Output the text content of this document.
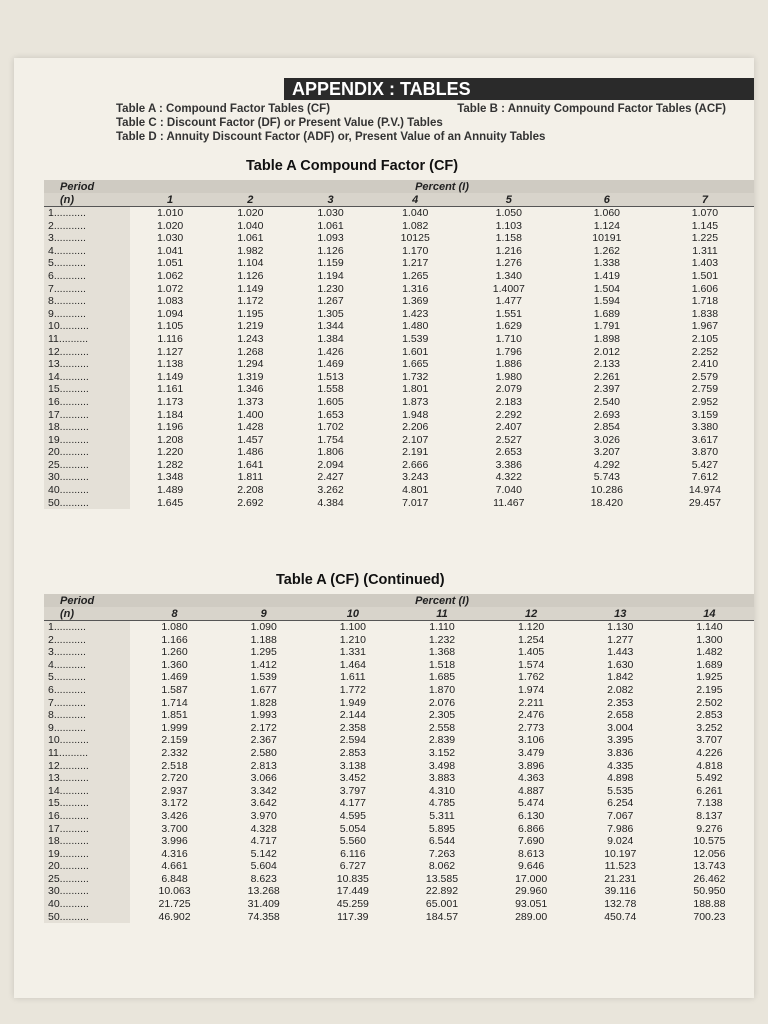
APPENDIX : TABLES
Table A : Compound Factor Tables (CF)	Table B : Annuity Compound Factor Tables (ACF)
Table C : Discount Factor (DF) or Present Value (P.V.) Tables
Table D : Annuity Discount Factor (ADF) or, Present Value of an Annuity Tables
Table A Compound Factor (CF)
Period	Percent (I)						
(n)	1	2	3	4	5	6	7
1...........	1.010	1.020	1.030	1.040	1.050	1.060	1.070
2...........	1.020	1.040	1.061	1.082	1.103	1.124	1.145
3...........	1.030	1.061	1.093	10125	1.158	10191	1.225
4...........	1.041	1.982	1.126	1.170	1.216	1.262	1.311
5...........	1.051	1.104	1.159	1.217	1.276	1.338	1.403
6...........	1.062	1.126	1.194	1.265	1.340	1.419	1.501
7...........	1.072	1.149	1.230	1.316	1.4007	1.504	1.606
8...........	1.083	1.172	1.267	1.369	1.477	1.594	1.718
9...........	1.094	1.195	1.305	1.423	1.551	1.689	1.838
10..........	1.105	1.219	1.344	1.480	1.629	1.791	1.967
11..........	1.116	1.243	1.384	1.539	1.710	1.898	2.105
12..........	1.127	1.268	1.426	1.601	1.796	2.012	2.252
13..........	1.138	1.294	1.469	1.665	1.886	2.133	2.410
14..........	1.149	1.319	1.513	1.732	1.980	2.261	2.579
15..........	1.161	1.346	1.558	1.801	2.079	2.397	2.759
16..........	1.173	1.373	1.605	1.873	2.183	2.540	2.952
17..........	1.184	1.400	1.653	1.948	2.292	2.693	3.159
18..........	1.196	1.428	1.702	2.206	2.407	2.854	3.380
19..........	1.208	1.457	1.754	2.107	2.527	3.026	3.617
20..........	1.220	1.486	1.806	2.191	2.653	3.207	3.870
25..........	1.282	1.641	2.094	2.666	3.386	4.292	5.427
30..........	1.348	1.811	2.427	3.243	4.322	5.743	7.612
40..........	1.489	2.208	3.262	4.801	7.040	10.286	14.974
50..........	1.645	2.692	4.384	7.017	11.467	18.420	29.457
Table A (CF) (Continued)
Period	Percent (I)						
(n)	8	9	10	11	12	13	14
1...........	1.080	1.090	1.100	1.110	1.120	1.130	1.140
2...........	1.166	1.188	1.210	1.232	1.254	1.277	1.300
3...........	1.260	1.295	1.331	1.368	1.405	1.443	1.482
4...........	1.360	1.412	1.464	1.518	1.574	1.630	1.689
5...........	1.469	1.539	1.611	1.685	1.762	1.842	1.925
6...........	1.587	1.677	1.772	1.870	1.974	2.082	2.195
7...........	1.714	1.828	1.949	2.076	2.211	2.353	2.502
8...........	1.851	1.993	2.144	2.305	2.476	2.658	2.853
9...........	1.999	2.172	2.358	2.558	2.773	3.004	3.252
10..........	2.159	2.367	2.594	2.839	3.106	3.395	3.707
11..........	2.332	2.580	2.853	3.152	3.479	3.836	4.226
12..........	2.518	2.813	3.138	3.498	3.896	4.335	4.818
13..........	2.720	3.066	3.452	3.883	4.363	4.898	5.492
14..........	2.937	3.342	3.797	4.310	4.887	5.535	6.261
15..........	3.172	3.642	4.177	4.785	5.474	6.254	7.138
16..........	3.426	3.970	4.595	5.311	6.130	7.067	8.137
17..........	3.700	4.328	5.054	5.895	6.866	7.986	9.276
18..........	3.996	4.717	5.560	6.544	7.690	9.024	10.575
19..........	4.316	5.142	6.116	7.263	8.613	10.197	12.056
20..........	4.661	5.604	6.727	8.062	9.646	11.523	13.743
25..........	6.848	8.623	10.835	13.585	17.000	21.231	26.462
30..........	10.063	13.268	17.449	22.892	29.960	39.116	50.950
40..........	21.725	31.409	45.259	65.001	93.051	132.78	188.88
50..........	46.902	74.358	117.39	184.57	289.00	450.74	700.23
